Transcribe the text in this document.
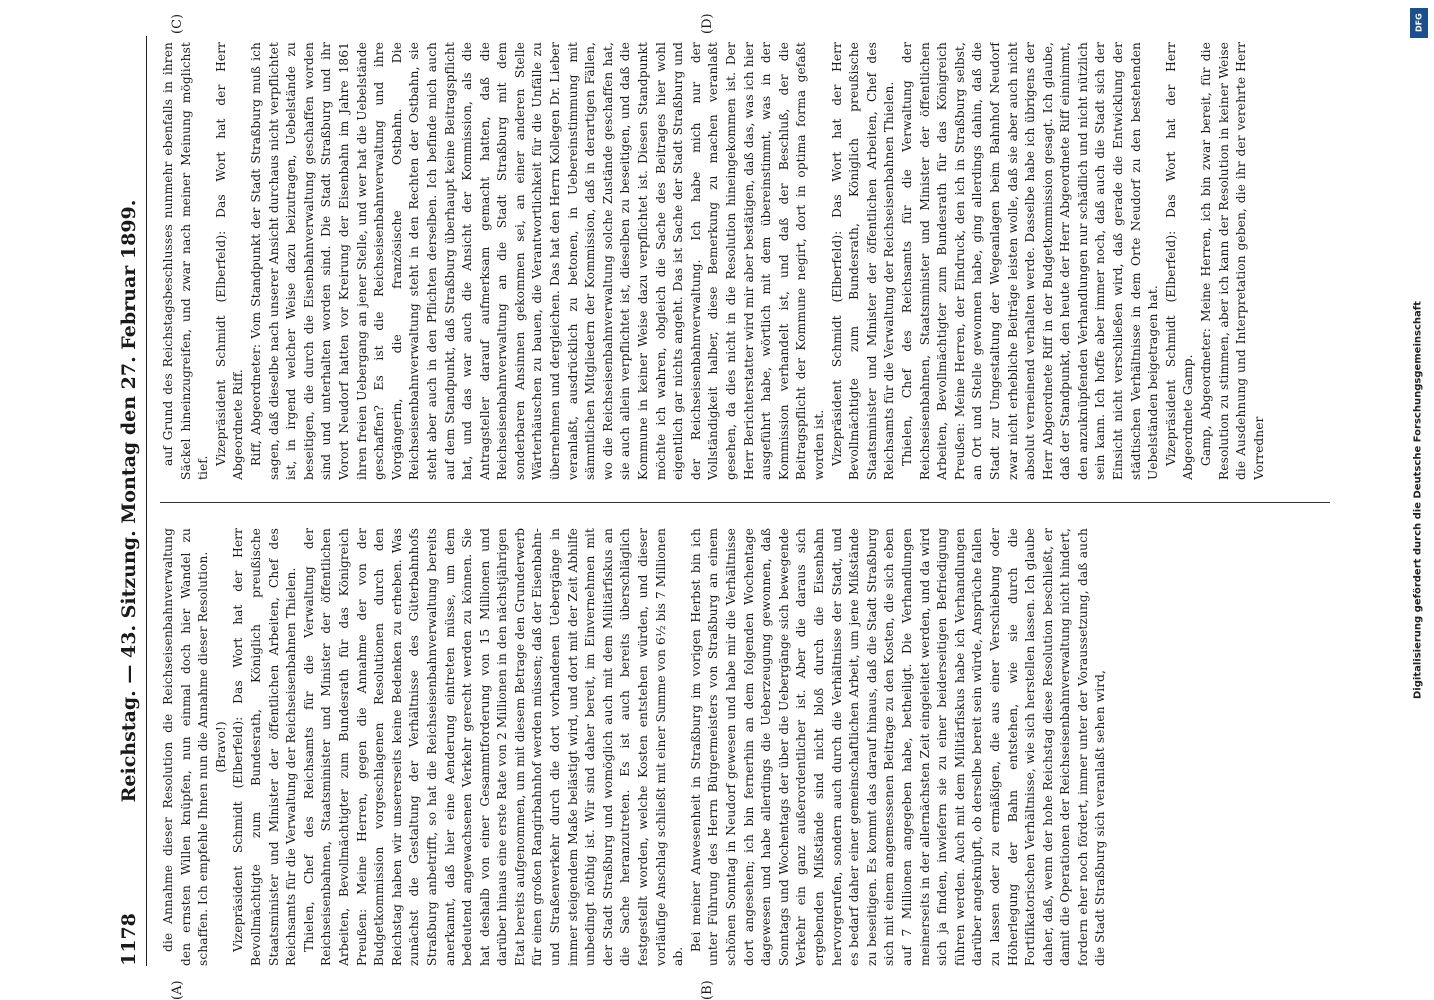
1178
Reichstag. — 43. Sitzung. Montag den 27. Februar 1899.
(A)	(B)
(C)	(D)

die Annahme dieser Resolution die Reichseisenbahnverwaltung den ernsten Willen knüpfen, nun einmal doch hier Wandel zu schaffen. Ich empfehle Ihnen nun die Annahme dieser Resolution. (Bravo!) Vizepräsident Schmidt (Elberfeld): Das Wort hat der Herr Bevollmächtigte zum Bundesrath, Königlich preußische Staatsminister und Minister der öffentlichen Arbeiten, Chef des Reichsamts für die Verwaltung der Reichseisenbahnen Thielen. Thielen, Chef des Reichsamts für die Verwaltung der Reichseisenbahnen, Staatsminister und Minister der öffentlichen Arbeiten, Bevollmächtigter zum Bundesrath für das Königreich Preußen: Meine Herren, gegen die Annahme der von der Budgetkommission vorgeschlagenen Resolutionen durch den Reichstag haben wir unsererseits keine Bedenken zu erheben. Was zunächst die Gestaltung der Verhältnisse des Güterbahnhofs Straßburg anbetrifft, so hat die Reichseisenbahnverwaltung bereits anerkannt, daß hier eine Aenderung eintreten müsse, um dem bedeutend angewachsenen Verkehr gerecht werden zu können. Sie hat deshalb von einer Gesammtforderung von 15 Millionen und darüber hinaus eine erste Rate von 2 Millionen in den nächstjährigen Etat bereits aufgenommen, um mit diesem Betrage den Grunderwerb für einen großen Rangirbahnhof werden müssen; daß der Eisenbahn- und Straßenverkehr durch die dort vorhandenen Uebergänge in immer steigendem Maße belästigt wird, und dort mit der Zeit Abhilfe unbedingt nöthig ist. Wir sind daher bereit, im Einvernehmen mit der Stadt Straßburg und womöglich auch mit dem Militärfiskus an die Sache heranzutreten. Es ist auch bereits überschläglich festgestellt worden, welche Kosten entstehen würden, und dieser vorläufige Anschlag schließt mit einer Summe von 6½ bis 7 Millionen ab.

Bei meiner Anwesenheit in Straßburg im vorigen Herbst bin ich unter Führung des Herrn Bürgermeisters von Straßburg an einem schönen Sonntag in Neudorf gewesen und habe mir die Verhältnisse dort angesehen; ich bin fernerhin an dem folgenden Wochentage dagewesen und habe allerdings die Ueberzeugung gewonnen, daß Sonntags und Wochentags der über die Uebergänge sich bewegende Verkehr ein ganz außerordentlicher ist. Aber die daraus sich ergebenden Mißstände sind nicht bloß durch die Eisenbahn hervorgerufen, sondern auch durch die Verhältnisse der Stadt, und es bedarf daher einer gemeinschaftlichen Arbeit, um jene Mißstände zu beseitigen. Es kommt das darauf hinaus, daß die Stadt Straßburg sich mit einem angemessenen Beitrage zu den Kosten, die sich eben auf 7 Millionen angegeben habe, betheiligt. Die Verhandlungen meinerseits in der allernächsten Zeit eingeleitet werden, und da wird sich ja finden, inwiefern sie zu einer beiderseitigen Befriedigung führen werden. Auch mit dem Militärfiskus habe ich Verhandlungen darüber angeknüpft, ob derselbe bereit sein würde, Ansprüche fallen zu lassen oder zu ermäßigen, die aus einer Verschiebung oder Höherlegung der Bahn entstehen, wie sie durch die Fortifikatorischen Verhältnisse, wie sich herstellen lassen. Ich glaube daher, daß, wenn der hohe Reichstag diese Resolution beschließt, er damit die Operationen der Reichseisenbahnverwaltung nicht hindert, fordern eher noch fördert, immer unter der Voraussetzung, daß auch die Stadt Straßburg sich veranlaßt sehen wird,

auf Grund des Reichstagsbeschlusses nunmehr ebenfalls in ihren Säckel hineinzugreifen, und zwar nach meiner Meinung möglichst tief.

Vizepräsident Schmidt (Elberfeld): Das Wort hat der Herr Abgeordnete Riff. Riff, Abgeordneter: Vom Standpunkt der Stadt Straßburg muß ich sagen, daß dieselbe nach unserer Ansicht durchaus nicht verpflichtet ist, in irgend welcher Weise dazu beizutragen, Uebelstände zu beseitigen, die durch die Eisenbahnverwaltung geschaffen worden sind und unterhalten worden sind. Die Stadt Straßburg und ihr Vorort Neudorf hatten vor Kreirung der Eisenbahn im Jahre 1861 ihren freien Uebergang an jener Stelle, und wer hat die Uebelstände geschaffen? Es ist die Reichseisenbahnverwaltung und ihre Vorgängerin, die französische Ostbahn. Die Reichseisenbahnverwaltung steht in den Rechten der Ostbahn, sie steht aber auch in den Pflichten derselben. Ich befinde mich auch auf dem Standpunkt, daß Straßburg überhaupt keine Beitragspflicht hat, und das war auch die Ansicht der Kommission, als die Antragsteller darauf aufmerksam gemacht hatten, daß die Reichseisenbahnverwaltung an die Stadt Straßburg mit dem sonderbaren Ansinnen gekommen sei, an einer anderen Stelle Wärterhäuschen zu bauen, die Verantwortlichkeit für die Unfälle zu übernehmen und dergleichen. Das hat den Herrn Kollegen Dr. Lieber veranlaßt, ausdrücklich zu betonen, in Uebereinstimmung mit sämmtlichen Mitgliedern der Kommission, daß in derartigen Fällen, wo die Reichseisenbahnverwaltung solche Zustände geschaffen hat, sie auch allein verpflichtet ist, dieselben zu beseitigen, und daß die Kommune in keiner Weise dazu verpflichtet ist. Diesen Standpunkt möchte ich wahren, obgleich die Sache des Beitrages hier wohl eigentlich gar nichts angeht. Das ist Sache der Stadt Straßburg und der Reichseisenbahnverwaltung. Ich habe mich nur der Vollständigkeit halber, diese Bemerkung zu machen veranlaßt gesehen, da dies nicht in die Resolution hineingekommen ist. Der Herr Berichterstatter wird mir aber bestätigen, daß das, was ich hier ausgeführt habe, wörtlich mit dem übereinstimmt, was in der Kommission verhandelt ist, und daß der Beschluß, der die Beitragspflicht der Kommune negirt, dort in optima forma gefaßt worden ist. Vizepräsident Schmidt (Elberfeld): Das Wort hat der Herr Bevollmächtigte zum Bundesrath, Königlich preußische Staatsminister und Minister der öffentlichen Arbeiten, Chef des Reichsamts für die Verwaltung der Reichseisenbahnen Thielen. Thielen, Chef des Reichsamts für die Verwaltung der Reichseisenbahnen, Staatsminister und Minister der öffentlichen Arbeiten, Bevollmächtigter zum Bundesrath für das Königreich Preußen: Meine Herren, der Eindruck, den ich in Straßburg selbst, an Ort und Stelle gewonnen habe, ging allerdings dahin, daß die Stadt zur Umgestaltung der Wegeanlagen beim Bahnhof Neudorf zwar nicht erhebliche Beiträge leisten wolle, daß sie aber auch nicht absolut verneinend verhalten werde. Dasselbe habe ich übrigens der Herr Abgeordnete Riff in der Budgetkommission gesagt. Ich glaube, daß der Standpunkt, den heute der Herr Abgeordnete Riff einnimmt, den anzuknüpfenden Verhandlungen nur schädlich und nicht nützlich sein kann. Ich hoffe aber immer noch, daß auch die Stadt sich der Einsicht nicht verschließen wird, daß gerade die Entwicklung der städtischen Verhältnisse in dem Orte Neudorf zu den bestehenden Uebelständen beigetragen hat. Vizepräsident Schmidt (Elberfeld): Das Wort hat der Herr Abgeordnete Gamp. Gamp, Abgeordneter: Meine Herren, ich bin zwar bereit, für die Resolution zu stimmen, aber ich kann der Resolution in keiner Weise die Ausdehnung und Interpretation geben, die ihr der verehrte Herr Vorredner

DFG
Digitalisierung gefördert durch die Deutsche Forschungsgemeinschaft
